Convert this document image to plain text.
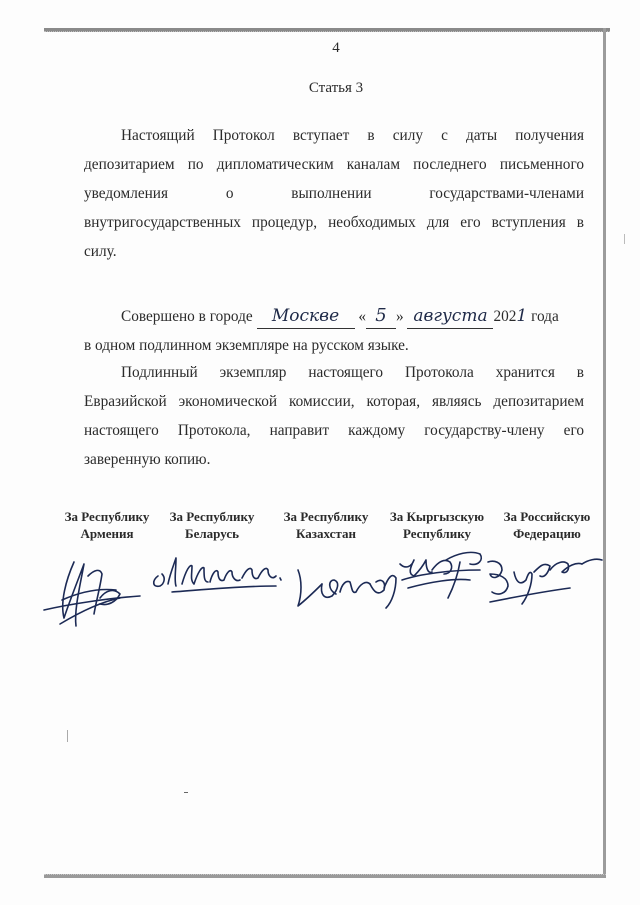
4
Статья 3
Настоящий Протокол вступает в силу с даты получения
депозитарием по дипломатическим каналам последнего письменного
уведомления о выполнении государствами-членами
внутригосударственных процедур, необходимых для его вступления в
силу.
Совершено в городе Москве « 5 » августа 2021 года
в одном подлинном экземпляре на русском языке.
Подлинный экземпляр настоящего Протокола хранится в
Евразийской экономической комиссии, которая, являясь депозитарием
настоящего Протокола, направит каждому государству-члену его
заверенную копию.
За Республику
Армения
За Республику
Беларусь
За Республику
Казахстан
За Кыргызскую
Республику
За Российскую
Федерацию
